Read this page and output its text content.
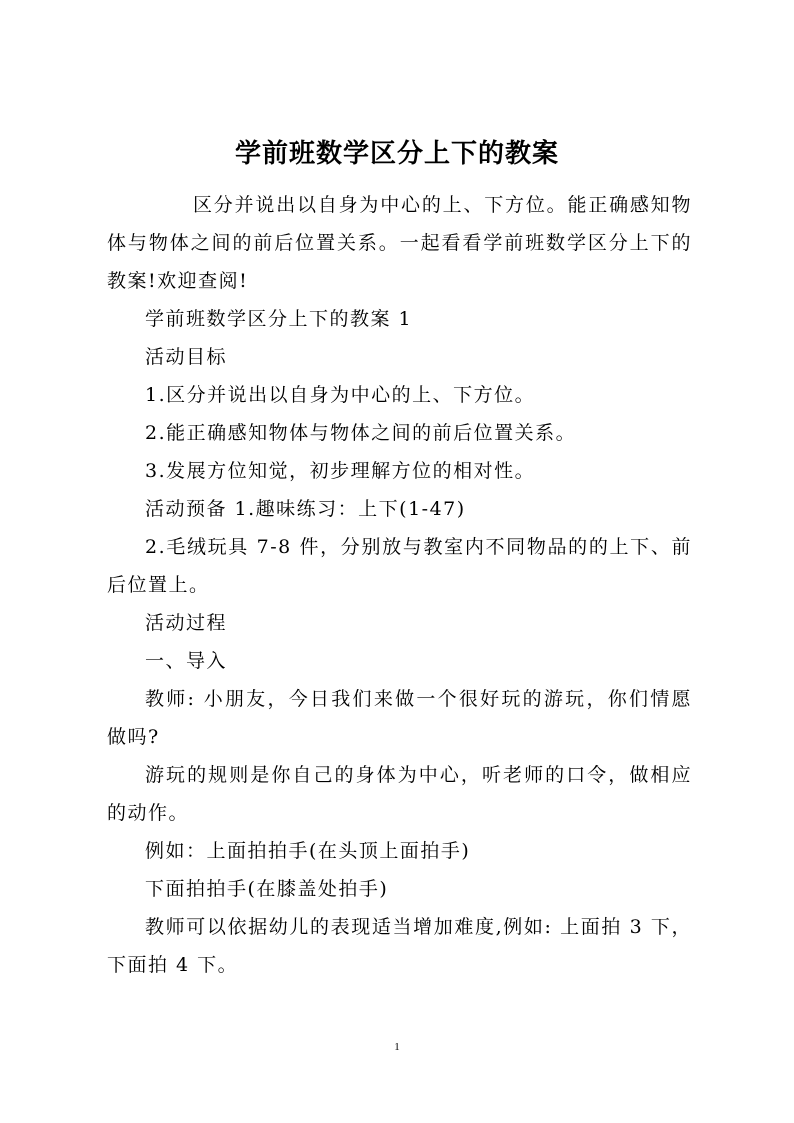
学前班数学区分上下的教案

区分并说出以自身为中心的上、下方位。能正确感知物体与物体之间的前后位置关系。一起看看学前班数学区分上下的教案!欢迎查阅!

学前班数学区分上下的教案 1

活动目标

1.区分并说出以自身为中心的上、下方位。

2.能正确感知物体与物体之间的前后位置关系。

3.发展方位知觉，初步理解方位的相对性。

活动预备 1.趣味练习：上下(1-47)

2.毛绒玩具 7-8 件，分别放与教室内不同物品的的上下、前后位置上。

活动过程

一、导入

教师: 小朋友，今日我们来做一个很好玩的游玩，你们情愿做吗?

游玩的规则是你自己的身体为中心，听老师的口令，做相应的动作。

例如：上面拍拍手(在头顶上面拍手)

下面拍拍手(在膝盖处拍手)

教师可以依据幼儿的表现适当增加难度,例如: 上面拍 3 下，下面拍 4 下。

1
